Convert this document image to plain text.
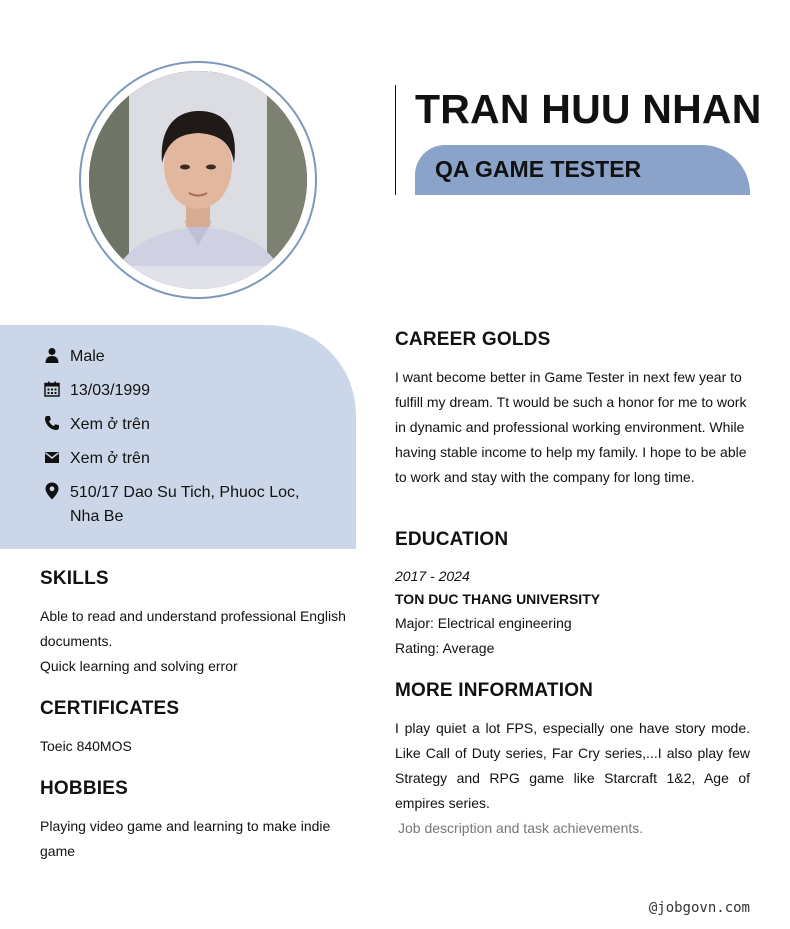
TRAN HUU NHAN
QA GAME TESTER
Male
13/03/1999
Xem ở trên
Xem ở trên
510/17 Dao Su Tich, Phuoc Loc, Nha Be
SKILLS
Able to read and understand professional English documents.
Quick learning and solving error
CERTIFICATES
Toeic 840MOS
HOBBIES
Playing video game and learning to make indie game
CAREER GOLDS
I want become better in Game Tester in next few year to fulfill my dream. Tt would be such a honor for me to work in dynamic and professional working environment. While having stable income to help my family. I hope to be able to work and stay with the company for long time.
EDUCATION
2017 - 2024
TON DUC THANG UNIVERSITY
Major: Electrical engineering
Rating: Average
MORE INFORMATION
I play quiet a lot FPS, especially one have story mode. Like Call of Duty series, Far Cry series,...I also play few Strategy and RPG game like Starcraft 1&2, Age of empires series.
Job description and task achievements.
@jobgovn.com
